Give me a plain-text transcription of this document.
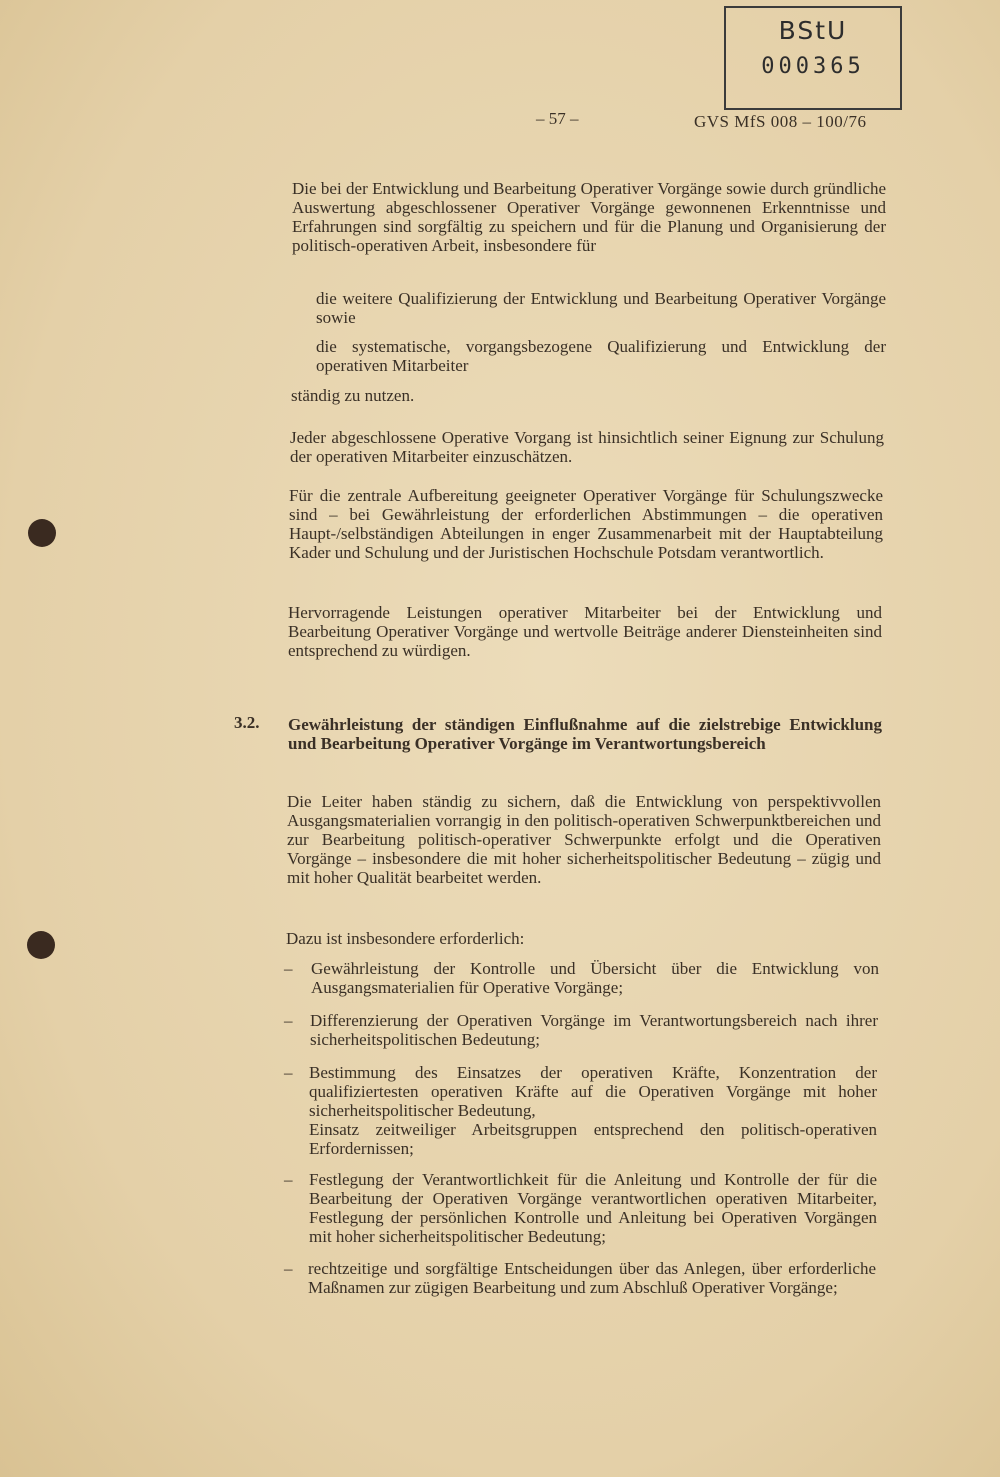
BStU
000365
– 57 –	GVS MfS 008 – 100/76

Die bei der Entwicklung und Bearbeitung Operativer Vorgänge sowie durch gründliche Auswertung abgeschlossener Operativer Vorgänge gewonnenen Erkenntnisse und Erfahrungen sind sorgfältig zu speichern und für die Planung und Organisierung der politisch-operativen Arbeit, insbesondere für

die weitere Qualifizierung der Entwicklung und Bearbeitung Operativer Vorgänge sowie

die systematische, vorgangsbezogene Qualifizierung und Entwicklung der operativen Mitarbeiter

ständig zu nutzen.

Jeder abgeschlossene Operative Vorgang ist hinsichtlich seiner Eignung zur Schulung der operativen Mitarbeiter einzuschätzen.

Für die zentrale Aufbereitung geeigneter Operativer Vorgänge für Schulungszwecke sind – bei Gewährleistung der erforderlichen Abstimmungen – die operativen Haupt-/selbständigen Abteilungen in enger Zusammenarbeit mit der Hauptabteilung Kader und Schulung und der Juristischen Hochschule Potsdam verantwortlich.

Hervorragende Leistungen operativer Mitarbeiter bei der Entwicklung und Bearbeitung Operativer Vorgänge und wertvolle Beiträge anderer Diensteinheiten sind entsprechend zu würdigen.

3.2. Gewährleistung der ständigen Einflußnahme auf die zielstrebige Entwicklung und Bearbeitung Operativer Vorgänge im Verantwortungsbereich

Die Leiter haben ständig zu sichern, daß die Entwicklung von perspektivvollen Ausgangsmaterialien vorrangig in den politisch-operativen Schwerpunktbereichen und zur Bearbeitung politisch-operativer Schwerpunkte erfolgt und die Operativen Vorgänge – insbesondere die mit hoher sicherheitspolitischer Bedeutung – zügig und mit hoher Qualität bearbeitet werden.

Dazu ist insbesondere erforderlich:

– Gewährleistung der Kontrolle und Übersicht über die Entwicklung von Ausgangsmaterialien für Operative Vorgänge;

– Differenzierung der Operativen Vorgänge im Verantwortungsbereich nach ihrer sicherheitspolitischen Bedeutung;

– Bestimmung des Einsatzes der operativen Kräfte, Konzentration der qualifiziertesten operativen Kräfte auf die Operativen Vorgänge mit hoher sicherheitspolitischer Bedeutung,

Einsatz zeitweiliger Arbeitsgruppen entsprechend den politisch-operativen Erfordernissen;

– Festlegung der Verantwortlichkeit für die Anleitung und Kontrolle der für die Bearbeitung der Operativen Vorgänge verantwortlichen operativen Mitarbeiter, Festlegung der persönlichen Kontrolle und Anleitung bei Operativen Vorgängen mit hoher sicherheitspolitischer Bedeutung;

– rechtzeitige und sorgfältige Entscheidungen über das Anlegen, über erforderliche Maßnamen zur zügigen Bearbeitung und zum Abschluß Operativer Vorgänge;
